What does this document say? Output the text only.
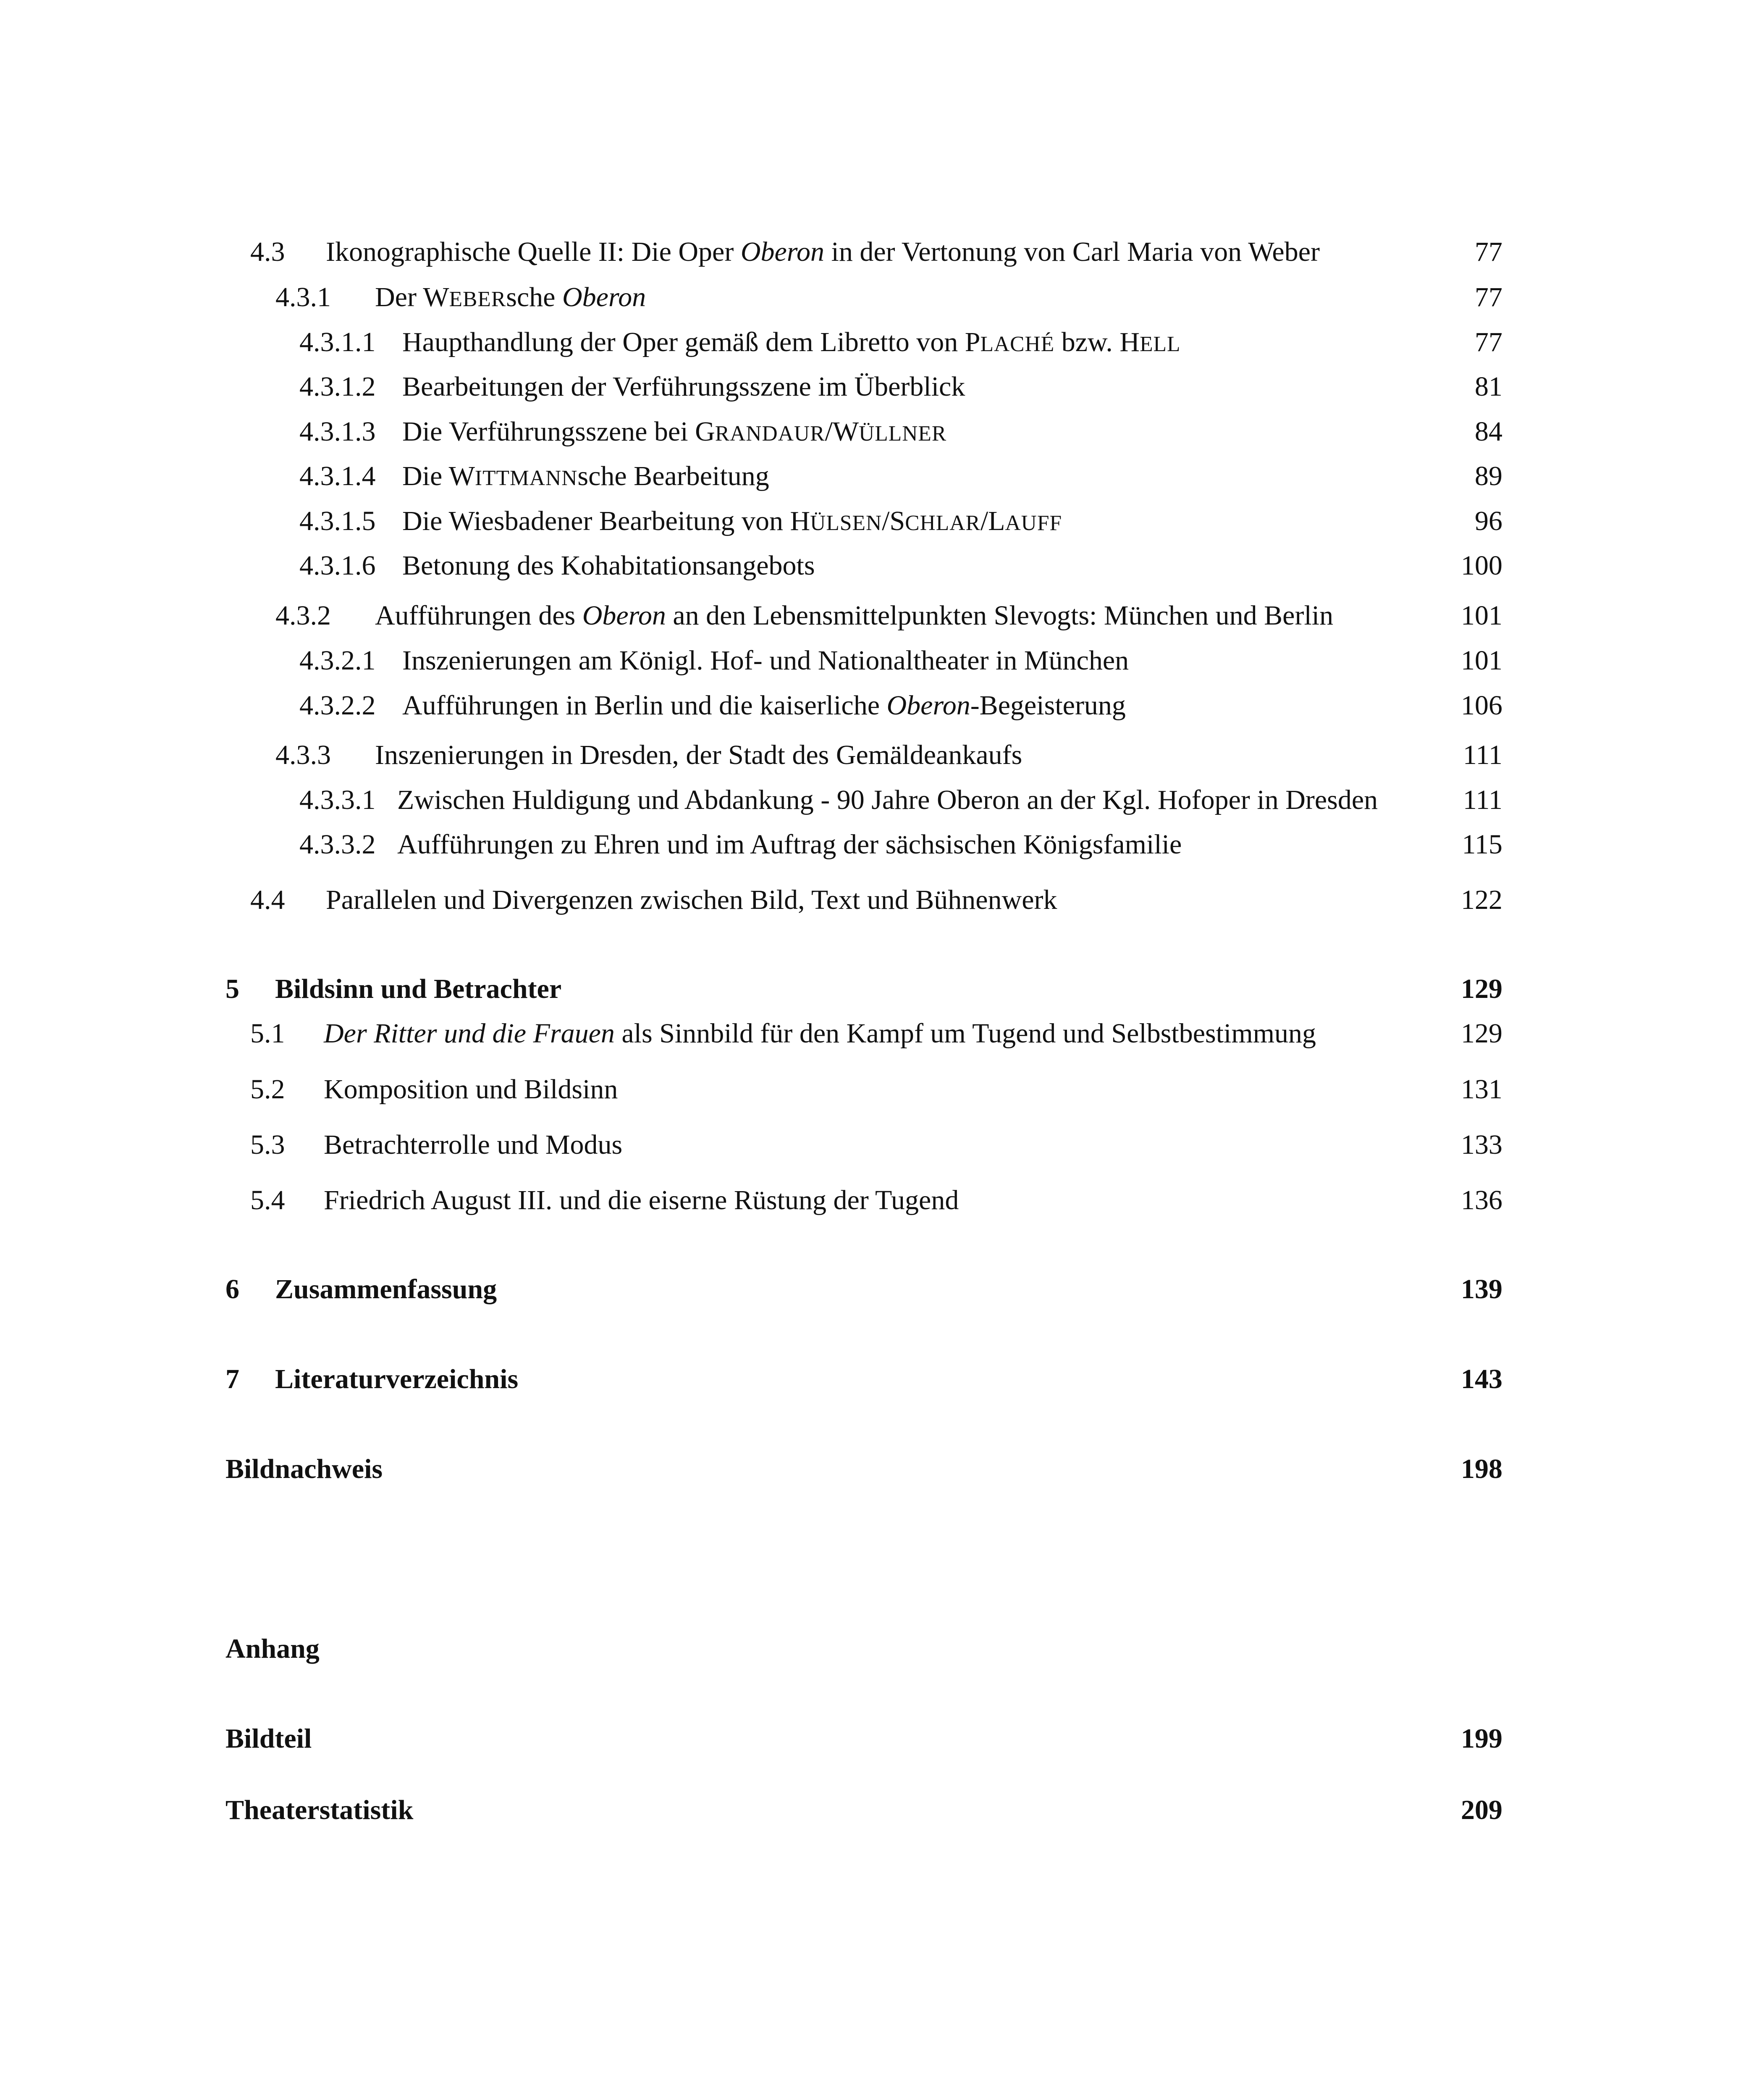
4.3 Ikonographische Quelle II: Die Oper Oberon in der Vertonung von Carl Maria von Weber	77
4.3.1 Der WEBERsche Oberon	77
4.3.1.1 Haupthandlung der Oper gemäß dem Libretto von PLACHÉ bzw. HELL	77
4.3.1.2 Bearbeitungen der Verführungsszene im Überblick	81
4.3.1.3 Die Verführungsszene bei GRANDAUR/WÜLLNER	84
4.3.1.4 Die WITTMANNsche Bearbeitung	89
4.3.1.5 Die Wiesbadener Bearbeitung von HÜLSEN/SCHLAR/LAUFF	96
4.3.1.6 Betonung des Kohabitationsangebots	100
4.3.2 Aufführungen des Oberon an den Lebensmittelpunkten Slevogts: München und Berlin	101
4.3.2.1 Inszenierungen am Königl. Hof- und Nationaltheater in München	101
4.3.2.2 Aufführungen in Berlin und die kaiserliche Oberon-Begeisterung	106
4.3.3 Inszenierungen in Dresden, der Stadt des Gemäldeankaufs	111
4.3.3.1 Zwischen Huldigung und Abdankung - 90 Jahre Oberon an der Kgl. Hofoper in Dresden	111
4.3.3.2 Aufführungen zu Ehren und im Auftrag der sächsischen Königsfamilie	115
4.4 Parallelen und Divergenzen zwischen Bild, Text und Bühnenwerk	122
5 Bildsinn und Betrachter	129
5.1 Der Ritter und die Frauen als Sinnbild für den Kampf um Tugend und Selbstbestimmung	129
5.2 Komposition und Bildsinn	131
5.3 Betrachterrolle und Modus	133
5.4 Friedrich August III. und die eiserne Rüstung der Tugend	136
6 Zusammenfassung	139
7 Literaturverzeichnis	143
Bildnachweis	198
Anhang
Bildteil	199
Theaterstatistik	209
